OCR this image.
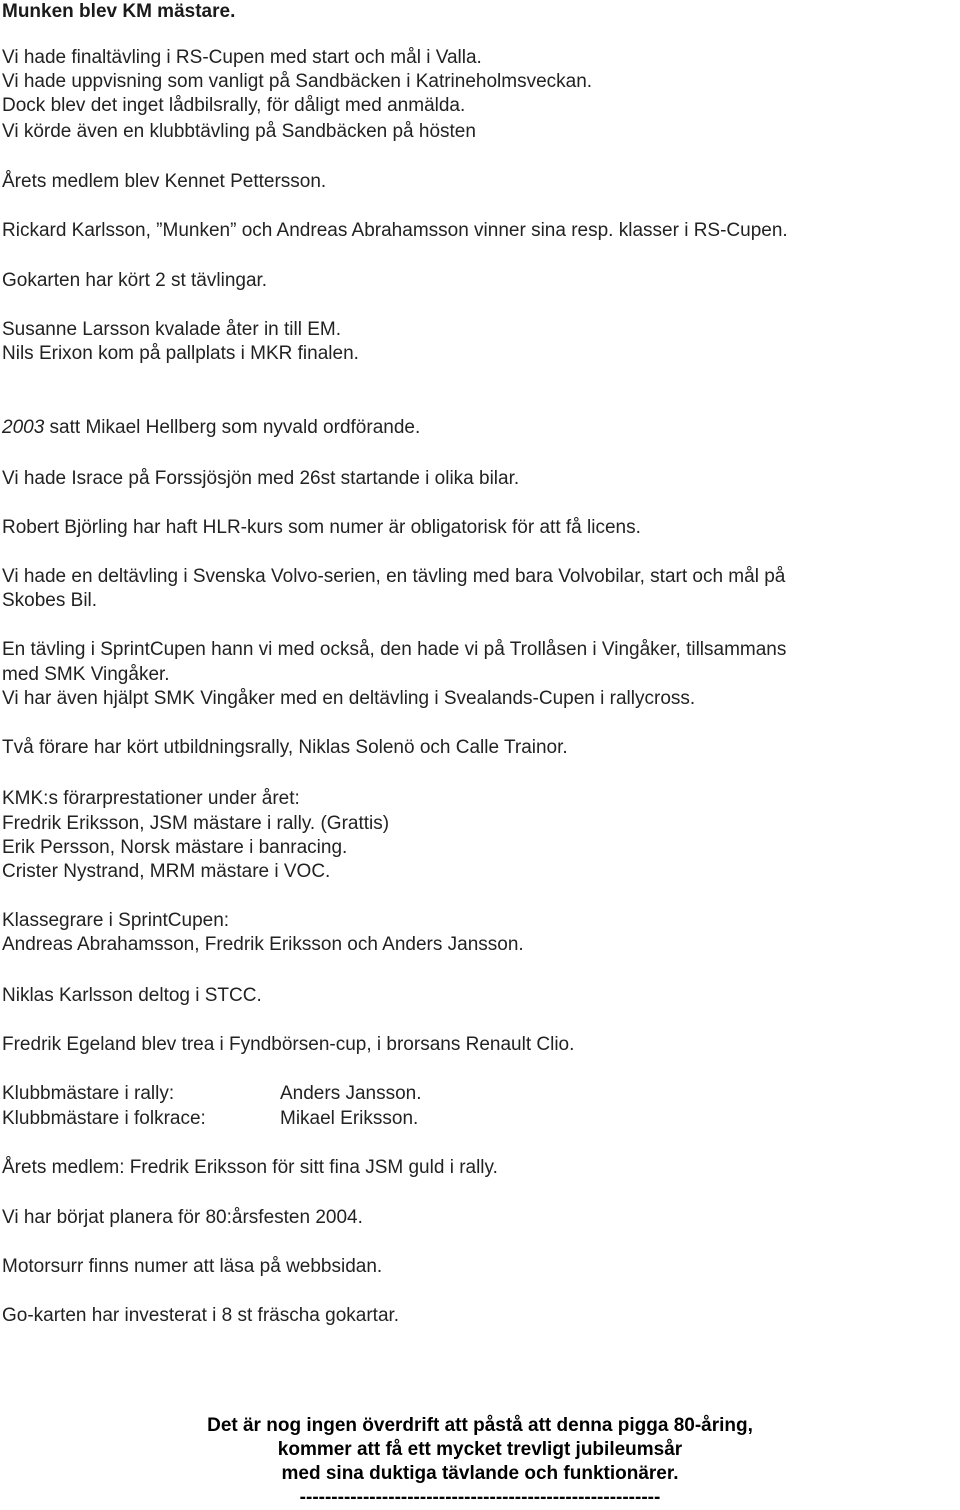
Munken blev KM mästare.
Vi hade finaltävling i RS-Cupen med start och mål i Valla.
Vi hade uppvisning som vanligt på Sandbäcken i Katrineholmsveckan.
Dock blev det inget lådbilsrally, för dåligt med anmälda.
Vi körde även en klubbtävling på Sandbäcken på hösten
Årets medlem blev Kennet Pettersson.
Rickard Karlsson, ”Munken” och Andreas Abrahamsson vinner sina resp. klasser i RS-Cupen.
Gokarten har kört 2 st tävlingar.
Susanne Larsson kvalade åter in till EM.
Nils Erixon kom på pallplats i MKR finalen.
2003 satt Mikael Hellberg som nyvald ordförande.
Vi hade Israce på Forssjösjön med 26st startande i olika bilar.
Robert Björling har haft HLR-kurs som numer är obligatorisk för att få licens.
Vi hade en deltävling i Svenska Volvo-serien, en tävling med bara Volvobilar, start och mål på
Skobes Bil.
En tävling i SprintCupen hann vi med också, den hade vi på Trollåsen i Vingåker, tillsammans
med SMK Vingåker.
Vi har även hjälpt SMK Vingåker med en deltävling i Svealands-Cupen i rallycross.
Två förare har kört utbildningsrally, Niklas Solenö och Calle Trainor.
KMK:s förarprestationer under året:
Fredrik Eriksson, JSM mästare i rally. (Grattis)
Erik Persson, Norsk mästare i banracing.
Crister Nystrand, MRM mästare i VOC.
Klassegrare i SprintCupen:
Andreas Abrahamsson, Fredrik Eriksson och Anders Jansson.
Niklas Karlsson deltog i STCC.
Fredrik Egeland blev trea i Fyndbörsen-cup, i brorsans Renault Clio.
Klubbmästare i rally:	Anders Jansson.
Klubbmästare i folkrace:	Mikael Eriksson.
Årets medlem: Fredrik Eriksson för sitt fina JSM guld i rally.
Vi har börjat planera för 80:årsfesten 2004.
Motorsurr finns numer att läsa på webbsidan.
Go-karten har investerat i 8 st fräscha gokartar.
Det är nog ingen överdrift att påstå att denna pigga 80-åring,
kommer att få ett mycket trevligt jubileumsår
med sina duktiga tävlande och funktionärer.
---------------------------------------------------------
